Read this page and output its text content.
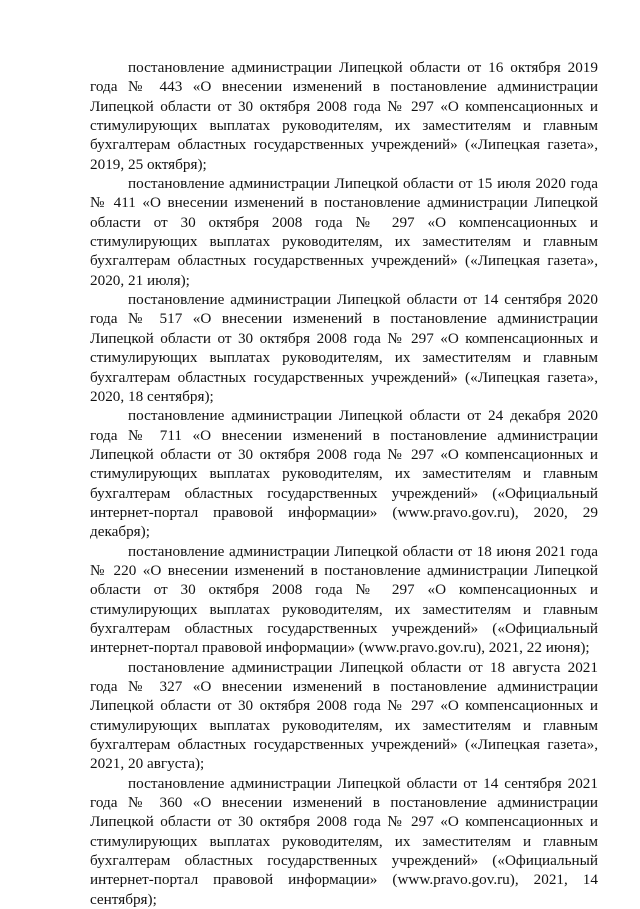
постановление администрации Липецкой области от 16 октября 2019 года № 443 «О внесении изменений в постановление администрации Липецкой области от 30 октября 2008 года № 297 «О компенсационных и стимулирующих выплатах руководителям, их заместителям и главным бухгалтерам областных государственных учреждений» («Липецкая газета», 2019, 25 октября);

постановление администрации Липецкой области от 15 июля 2020 года № 411 «О внесении изменений в постановление администрации Липецкой области от 30 октября 2008 года № 297 «О компенсационных и стимулирующих выплатах руководителям, их заместителям и главным бухгалтерам областных государственных учреждений» («Липецкая газета», 2020, 21 июля);

постановление администрации Липецкой области от 14 сентября 2020 года № 517 «О внесении изменений в постановление администрации Липецкой области от 30 октября 2008 года № 297 «О компенсационных и стимулирующих выплатах руководителям, их заместителям и главным бухгалтерам областных государственных учреждений» («Липецкая газета», 2020, 18 сентября);

постановление администрации Липецкой области от 24 декабря 2020 года № 711 «О внесении изменений в постановление администрации Липецкой области от 30 октября 2008 года № 297 «О компенсационных и стимулирующих выплатах руководителям, их заместителям и главным бухгалтерам областных государственных учреждений» («Официальный интернет-портал правовой информации» (www.pravo.gov.ru), 2020, 29 декабря);

постановление администрации Липецкой области от 18 июня 2021 года № 220 «О внесении изменений в постановление администрации Липецкой области от 30 октября 2008 года № 297 «О компенсационных и стимулирующих выплатах руководителям, их заместителям и главным бухгалтерам областных государственных учреждений» («Официальный интернет-портал правовой информации» (www.pravo.gov.ru), 2021, 22 июня);

постановление администрации Липецкой области от 18 августа 2021 года № 327 «О внесении изменений в постановление администрации Липецкой области от 30 октября 2008 года № 297 «О компенсационных и стимулирующих выплатах руководителям, их заместителям и главным бухгалтерам областных государственных учреждений» («Липецкая газета», 2021, 20 августа);

постановление администрации Липецкой области от 14 сентября 2021 года № 360 «О внесении изменений в постановление администрации Липецкой области от 30 октября 2008 года № 297 «О компенсационных и стимулирующих выплатах руководителям, их заместителям и главным бухгалтерам областных государственных учреждений» («Официальный интернет-портал правовой информации» (www.pravo.gov.ru), 2021, 14 сентября);
